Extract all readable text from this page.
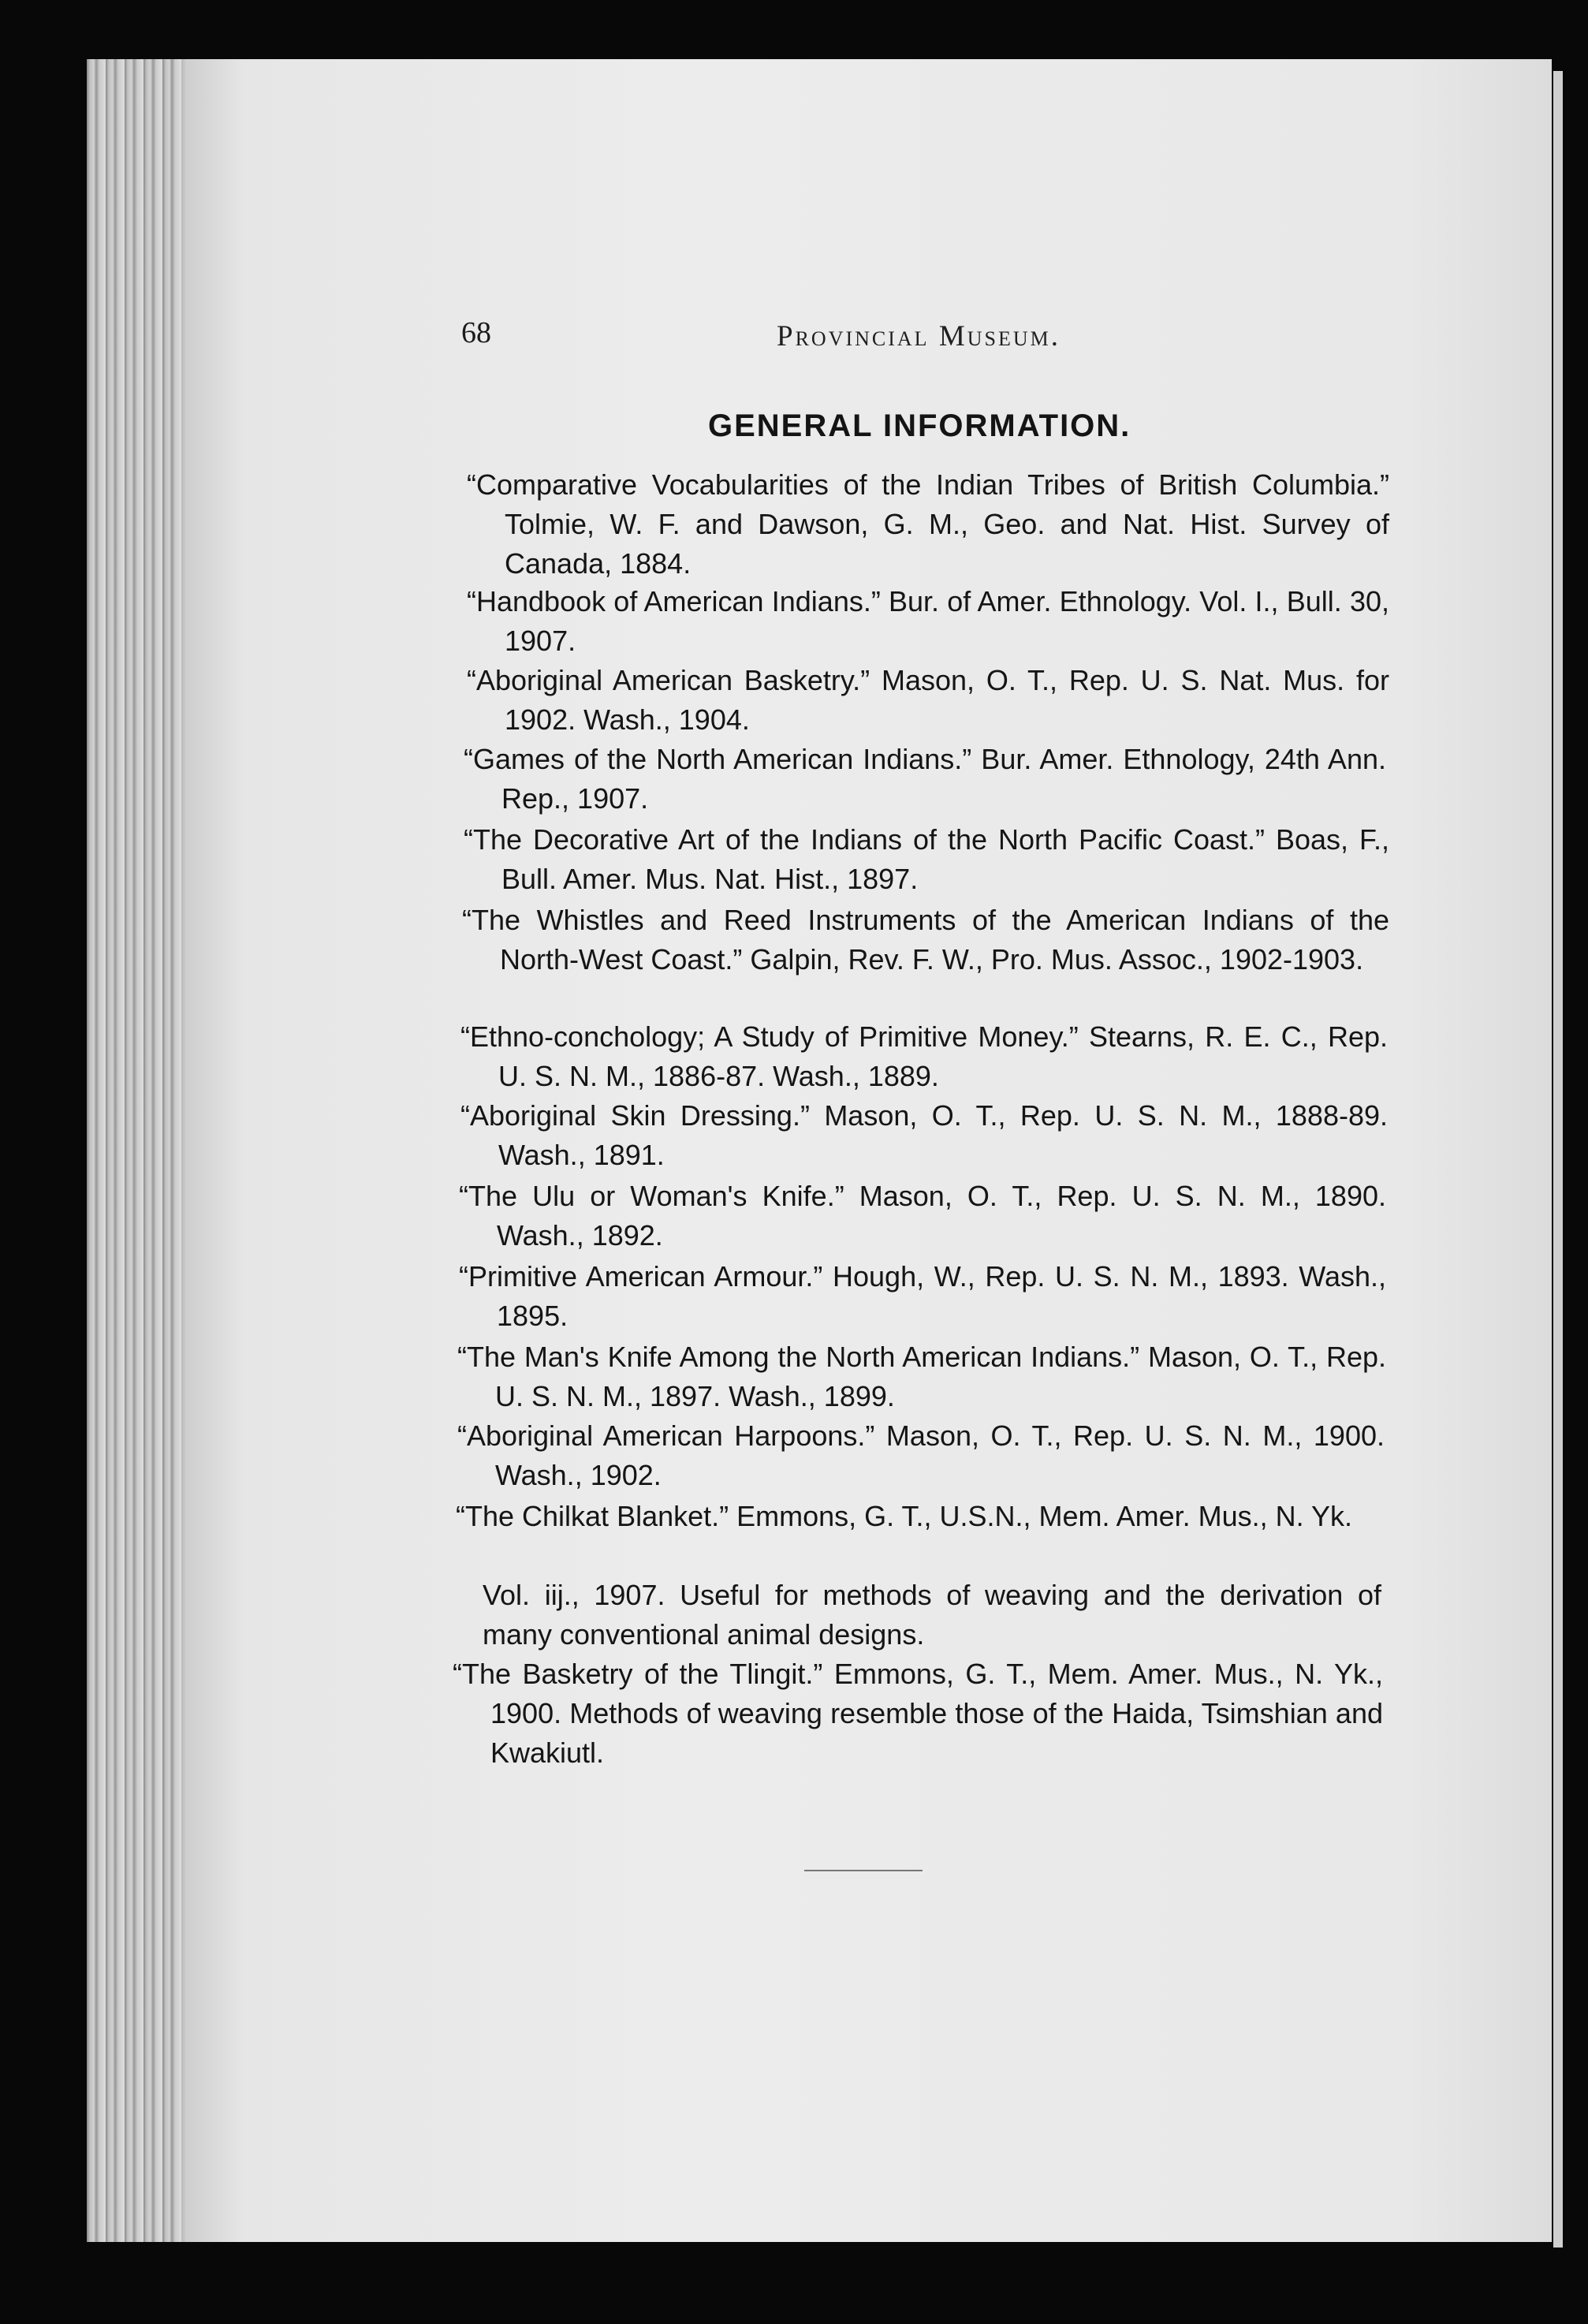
68	Provincial Museum.
GENERAL INFORMATION.
“Comparative Vocabularities of the Indian Tribes of British Columbia.” Tolmie, W. F. and Dawson, G. M., Geo. and Nat. Hist. Survey of Canada, 1884.
“Handbook of American Indians.” Bur. of Amer. Ethnology. Vol. I., Bull. 30, 1907.
“Aboriginal American Basketry.” Mason, O. T., Rep. U. S. Nat. Mus. for 1902. Wash., 1904.
“Games of the North American Indians.” Bur. Amer. Ethnology, 24th Ann. Rep., 1907.
“The Decorative Art of the Indians of the North Pacific Coast.” Boas, F., Bull. Amer. Mus. Nat. Hist., 1897.
“The Whistles and Reed Instruments of the American Indians of the North-West Coast.” Galpin, Rev. F. W., Pro. Mus. Assoc., 1902-1903.
“Ethno-conchology; A Study of Primitive Money.” Stearns, R. E. C., Rep. U. S. N. M., 1886-87. Wash., 1889.
“Aboriginal Skin Dressing.” Mason, O. T., Rep. U. S. N. M., 1888-89. Wash., 1891.
“The Ulu or Woman's Knife.” Mason, O. T., Rep. U. S. N. M., 1890. Wash., 1892.
“Primitive American Armour.” Hough, W., Rep. U. S. N. M., 1893. Wash., 1895.
“The Man's Knife Among the North American Indians.” Mason, O. T., Rep. U. S. N. M., 1897. Wash., 1899.
“Aboriginal American Harpoons.” Mason, O. T., Rep. U. S. N. M., 1900. Wash., 1902.
“The Chilkat Blanket.” Emmons, G. T., U.S.N., Mem. Amer. Mus., N. Yk.
Vol. iij., 1907. Useful for methods of weaving and the derivation of many conventional animal designs.
“The Basketry of the Tlingit.” Emmons, G. T., Mem. Amer. Mus., N. Yk., 1900. Methods of weaving resemble those of the Haida, Tsimshian and Kwakiutl.
